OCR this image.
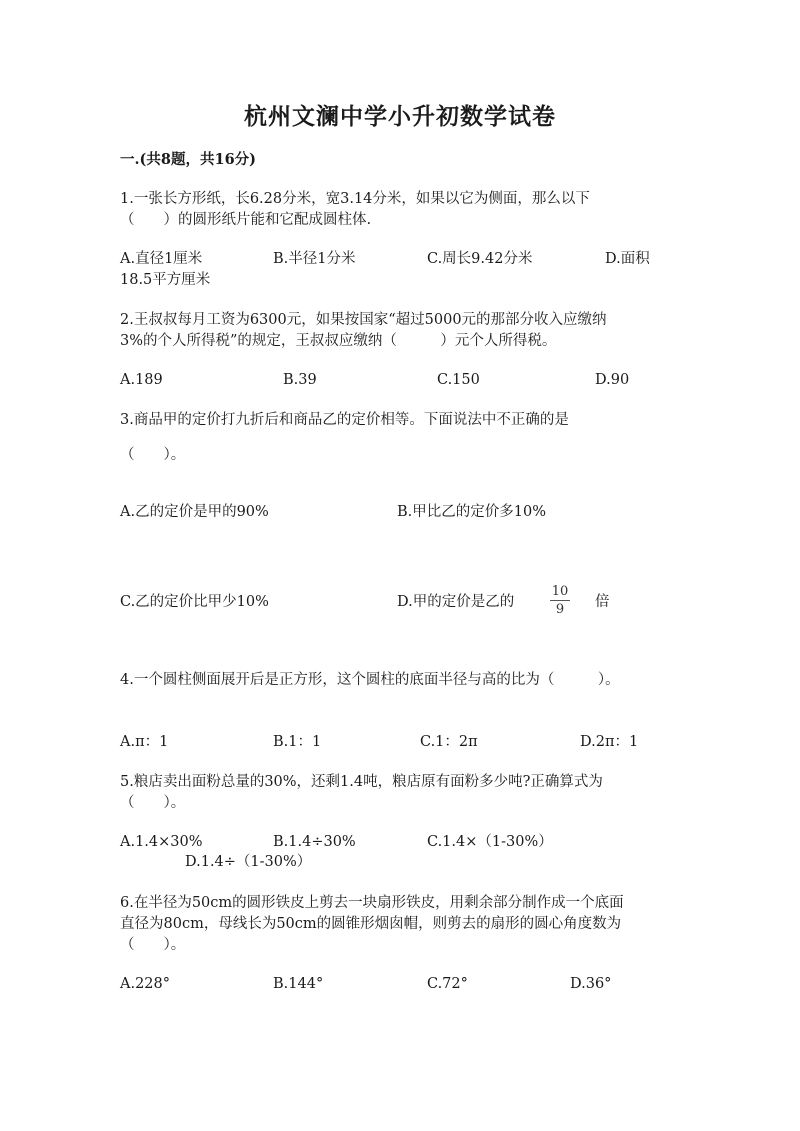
杭州文澜中学小升初数学试卷
一.(共8题，共16分)
1.一张长方形纸，长6.28分米，宽3.14分米，如果以它为侧面，那么以下
（　　）的圆形纸片能和它配成圆柱体.
A.直径1厘米	B.半径1分米	C.周长9.42分米	D.面积
18.5平方厘米
2.王叔叔每月工资为6300元，如果按国家“超过5000元的那部分收入应缴纳
3%的个人所得税”的规定，王叔叔应缴纳（　　　）元个人所得税。
A.189	B.39	C.150	D.90
3.商品甲的定价打九折后和商品乙的定价相等。下面说法中不正确的是
（　　）。
A.乙的定价是甲的90%	B.甲比乙的定价多10%
C.乙的定价比甲少10%	D.甲的定价是乙的
10
9	倍
4.一个圆柱侧面展开后是正方形，这个圆柱的底面半径与高的比为（　　　）。
A.π：1	B.1：1	C.1：2π	D.2π：1
5.粮店卖出面粉总量的30%，还剩1.4吨，粮店原有面粉多少吨?正确算式为
（　　）。
A.1.4×30%	B.1.4÷30%	C.1.4×（1-30%）
D.1.4÷（1-30%）
6.在半径为50cm的圆形铁皮上剪去一块扇形铁皮，用剩余部分制作成一个底面
直径为80cm，母线长为50cm的圆锥形烟囱帽，则剪去的扇形的圆心角度数为
（　　）。
A.228°	B.144°	C.72°	D.36°
